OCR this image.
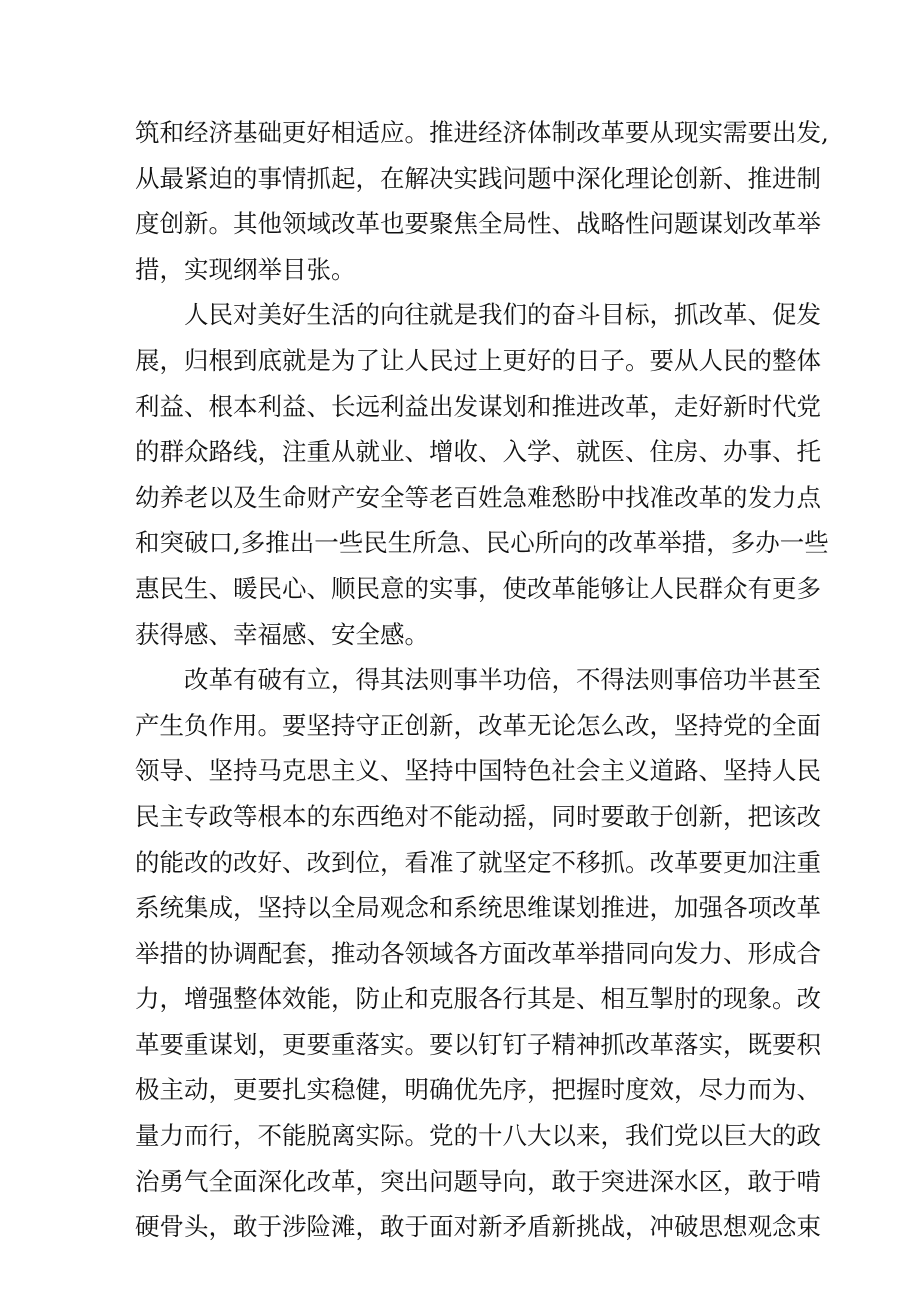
筑和经济基础更好相适应。推进经济体制改革要从现实需要出发,
从最紧迫的事情抓起，在解决实践问题中深化理论创新、推进制
度创新。其他领域改革也要聚焦全局性、战略性问题谋划改革举
措，实现纲举目张。
人民对美好生活的向往就是我们的奋斗目标，抓改革、促发
展，归根到底就是为了让人民过上更好的日子。要从人民的整体
利益、根本利益、长远利益出发谋划和推进改革，走好新时代党
的群众路线，注重从就业、增收、入学、就医、住房、办事、托
幼养老以及生命财产安全等老百姓急难愁盼中找准改革的发力点
和突破口,多推出一些民生所急、民心所向的改革举措，多办一些
惠民生、暖民心、顺民意的实事，使改革能够让人民群众有更多
获得感、幸福感、安全感。
改革有破有立，得其法则事半功倍，不得法则事倍功半甚至
产生负作用。要坚持守正创新，改革无论怎么改，坚持党的全面
领导、坚持马克思主义、坚持中国特色社会主义道路、坚持人民
民主专政等根本的东西绝对不能动摇，同时要敢于创新，把该改
的能改的改好、改到位，看准了就坚定不移抓。改革要更加注重
系统集成，坚持以全局观念和系统思维谋划推进，加强各项改革
举措的协调配套，推动各领域各方面改革举措同向发力、形成合
力，增强整体效能，防止和克服各行其是、相互掣肘的现象。改
革要重谋划，更要重落实。要以钉钉子精神抓改革落实，既要积
极主动，更要扎实稳健，明确优先序，把握时度效，尽力而为、
量力而行，不能脱离实际。党的十八大以来，我们党以巨大的政
治勇气全面深化改革，突出问题导向，敢于突进深水区，敢于啃
硬骨头，敢于涉险滩，敢于面对新矛盾新挑战，冲破思想观念束
